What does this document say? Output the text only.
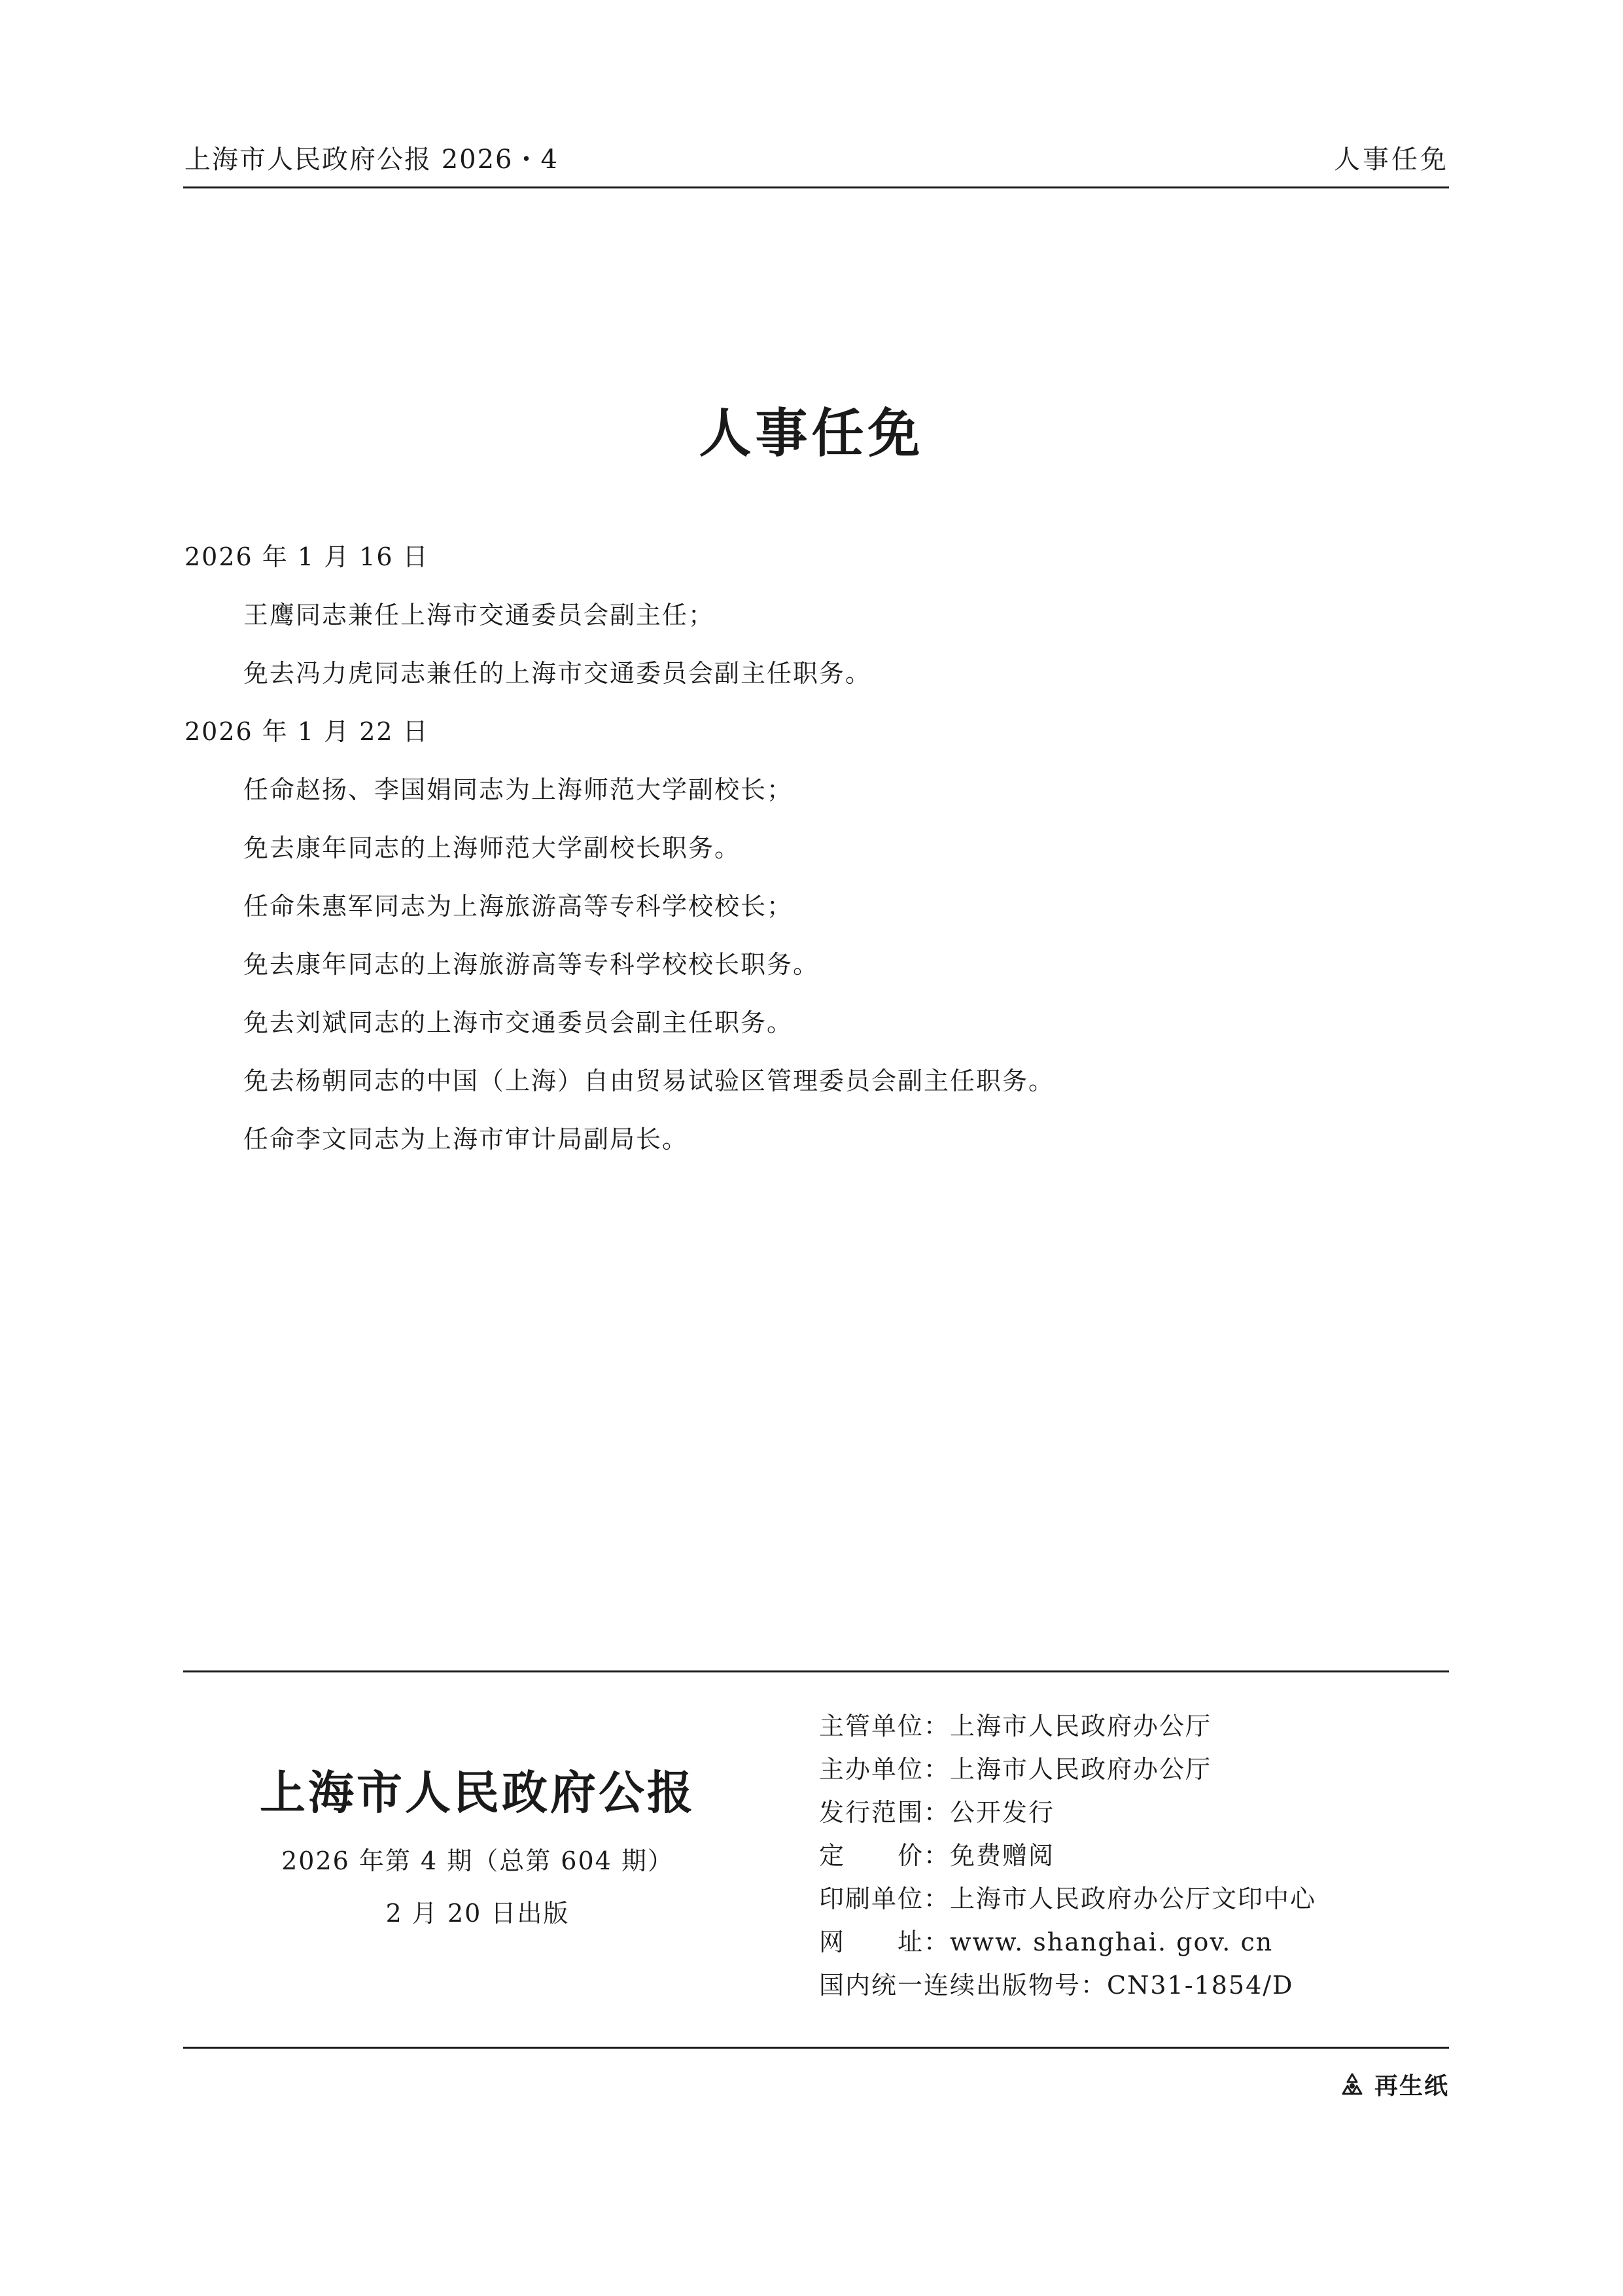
上海市人民政府公报 2026・4	人事任免
人事任免
2026 年 1 月 16 日
王鹰同志兼任上海市交通委员会副主任；
免去冯力虎同志兼任的上海市交通委员会副主任职务。
2026 年 1 月 22 日
任命赵扬、李国娟同志为上海师范大学副校长；
免去康年同志的上海师范大学副校长职务。
任命朱惠军同志为上海旅游高等专科学校校长；
免去康年同志的上海旅游高等专科学校校长职务。
免去刘斌同志的上海市交通委员会副主任职务。
免去杨朝同志的中国（上海）自由贸易试验区管理委员会副主任职务。
任命李文同志为上海市审计局副局长。
上海市人民政府公报
2026 年第 4 期（总第 604 期）
2 月 20 日出版
主管单位：上海市人民政府办公厅
主办单位：上海市人民政府办公厅
发行范围：公开发行
定　　价：免费赠阅
印刷单位：上海市人民政府办公厅文印中心
网　　址：www. shanghai. gov. cn
国内统一连续出版物号：CN31-1854/D
再生纸
